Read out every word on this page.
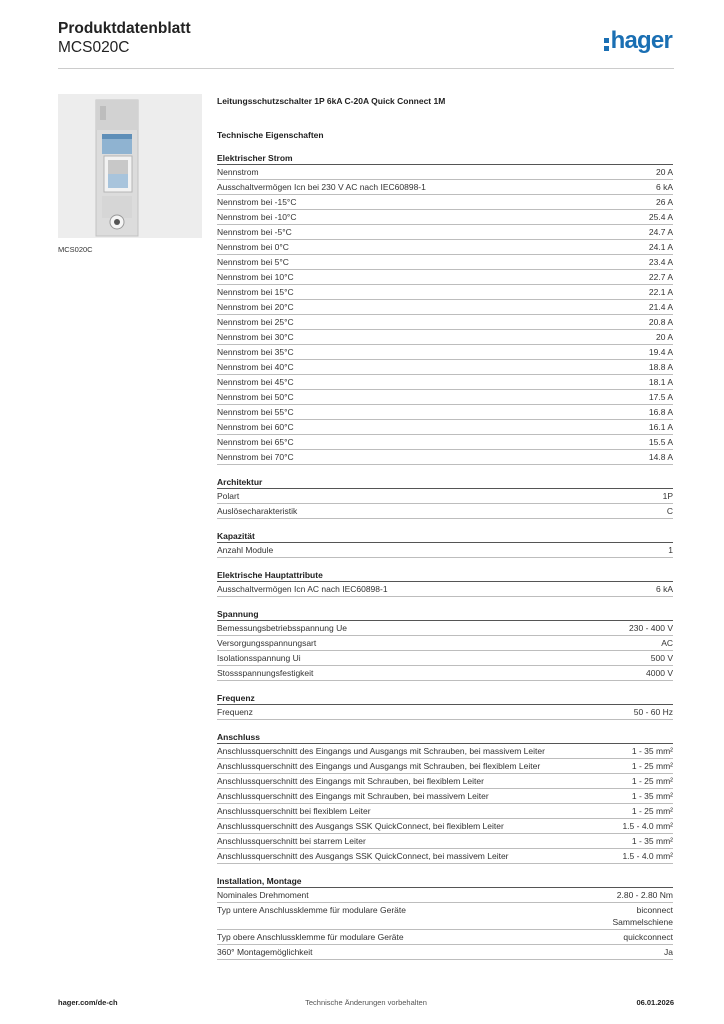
Produktdatenblatt
MCS020C	hager
MCS020C
Leitungsschutzschalter 1P 6kA C-20A Quick Connect 1M
Technische Eigenschaften
Elektrischer Strom
Nennstrom	20 A
Ausschaltvermögen Icn bei 230 V AC nach IEC60898-1	6 kA
Nennstrom bei -15°C	26 A
Nennstrom bei -10°C	25.4 A
Nennstrom bei -5°C	24.7 A
Nennstrom bei 0°C	24.1 A
Nennstrom bei 5°C	23.4 A
Nennstrom bei 10°C	22.7 A
Nennstrom bei 15°C	22.1 A
Nennstrom bei 20°C	21.4 A
Nennstrom bei 25°C	20.8 A
Nennstrom bei 30°C	20 A
Nennstrom bei 35°C	19.4 A
Nennstrom bei 40°C	18.8 A
Nennstrom bei 45°C	18.1 A
Nennstrom bei 50°C	17.5 A
Nennstrom bei 55°C	16.8 A
Nennstrom bei 60°C	16.1 A
Nennstrom bei 65°C	15.5 A
Nennstrom bei 70°C	14.8 A
Architektur
Polart	1P
Auslösecharakteristik	C
Kapazität
Anzahl Module	1
Elektrische Hauptattribute
Ausschaltvermögen Icn AC nach IEC60898-1	6 kA
Spannung
Bemessungsbetriebsspannung Ue	230 - 400 V
Versorgungsspannungsart	AC
Isolationsspannung Ui	500 V
Stossspannungsfestigkeit	4000 V
Frequenz
Frequenz	50 - 60 Hz
Anschluss
Anschlussquerschnitt des Eingangs und Ausgangs mit Schrauben, bei massivem Leiter	1 - 35 mm²
Anschlussquerschnitt des Eingangs und Ausgangs mit Schrauben, bei flexiblem Leiter	1 - 25 mm²
Anschlussquerschnitt des Eingangs mit Schrauben, bei flexiblem Leiter	1 - 25 mm²
Anschlussquerschnitt des Eingangs mit Schrauben, bei massivem Leiter	1 - 35 mm²
Anschlussquerschnitt bei flexiblem Leiter	1 - 25 mm²
Anschlussquerschnitt des Ausgangs SSK QuickConnect, bei flexiblem Leiter	1.5 - 4.0 mm²
Anschlussquerschnitt bei starrem Leiter	1 - 35 mm²
Anschlussquerschnitt des Ausgangs SSK QuickConnect, bei massivem Leiter	1.5 - 4.0 mm²
Installation, Montage
Nominales Drehmoment	2.80 - 2.80 Nm
Typ untere Anschlussklemme für modulare Geräte	biconnect Sammelschiene
Typ obere Anschlussklemme für modulare Geräte	quickconnect
360° Montagemöglichkeit	Ja
Technische Änderungen vorbehalten
hager.com/de-ch	06.01.2026
